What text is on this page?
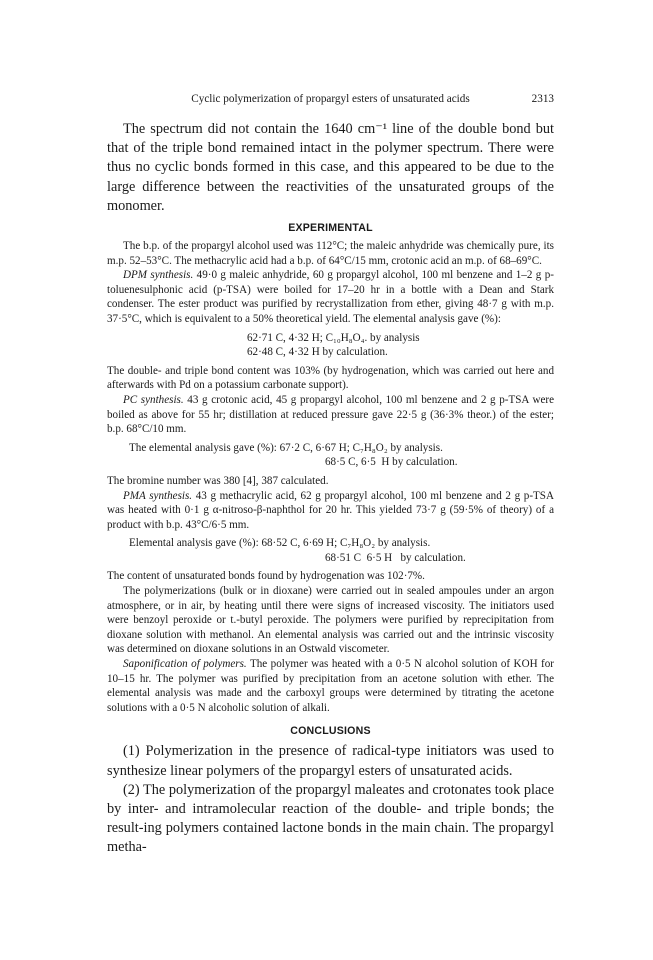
Cyclic polymerization of propargyl esters of unsaturated acids	2313

The spectrum did not contain the 1640 cm⁻¹ line of the double bond but that of the triple bond remained intact in the polymer spectrum. There were thus no cyclic bonds formed in this case, and this appeared to be due to the large difference between the reactivities of the unsaturated groups of the monomer.

EXPERIMENTAL

The b.p. of the propargyl alcohol used was 112°C; the maleic anhydride was chemically pure, its m.p. 52–53°C. The methacrylic acid had a b.p. of 64°C/15 mm, crotonic acid an m.p. of 68–69°C.

DPM synthesis. 49·0 g maleic anhydride, 60 g propargyl alcohol, 100 ml benzene and 1–2 g p-toluenesulphonic acid (p-TSA) were boiled for 17–20 hr in a bottle with a Dean and Stark condenser. The ester product was purified by recrystallization from ether, giving 48·7 g with m.p. 37·5°C, which is equivalent to a 50% theoretical yield. The elemental analysis gave (%):

62·71 C, 4·32 H; C₁₀H₈O₄. by analysis
62·48 C, 4·32 H by calculation.

The double- and triple bond content was 103% (by hydrogenation, which was carried out here and afterwards with Pd on a potassium carbonate support).

PC synthesis. 43 g crotonic acid, 45 g propargyl alcohol, 100 ml benzene and 2 g p-TSA were boiled as above for 55 hr; distillation at reduced pressure gave 22·5 g (36·3% theor.) of the ester; b.p. 68°C/10 mm.

The elemental analysis gave (%): 67·2 C, 6·67 H; C₇H₈O₂ by analysis.
68·5 C, 6·5  H by calculation.

The bromine number was 380 [4], 387 calculated.

PMA synthesis. 43 g methacrylic acid, 62 g propargyl alcohol, 100 ml benzene and 2 g p-TSA was heated with 0·1 g α-nitroso-β-naphthol for 20 hr. This yielded 73·7 g (59·5% of theory) of a product with b.p. 43°C/6·5 mm.

Elemental analysis gave (%): 68·52 C, 6·69 H; C₇H₈O₂ by analysis.
68·51 C  6·5 H   by calculation.

The content of unsaturated bonds found by hydrogenation was 102·7%.

The polymerizations (bulk or in dioxane) were carried out in sealed ampoules under an argon atmosphere, or in air, by heating until there were signs of increased viscosity. The initiators used were benzoyl peroxide or t.-butyl peroxide. The polymers were purified by reprecipitation from dioxane solution with methanol. An elemental analysis was carried out and the intrinsic viscosity was determined on dioxane solutions in an Ostwald viscometer.

Saponification of polymers. The polymer was heated with a 0·5 N alcohol solution of KOH for 10–15 hr. The polymer was purified by precipitation from an acetone solution with ether. The elemental analysis was made and the carboxyl groups were determined by titrating the acetone solutions with a 0·5 N alcoholic solution of alkali.

CONCLUSIONS

(1) Polymerization in the presence of radical-type initiators was used to synthesize linear polymers of the propargyl esters of unsaturated acids.

(2) The polymerization of the propargyl maleates and crotonates took place by inter- and intramolecular reaction of the double- and triple bonds; the result-ing polymers contained lactone bonds in the main chain. The propargyl metha-
